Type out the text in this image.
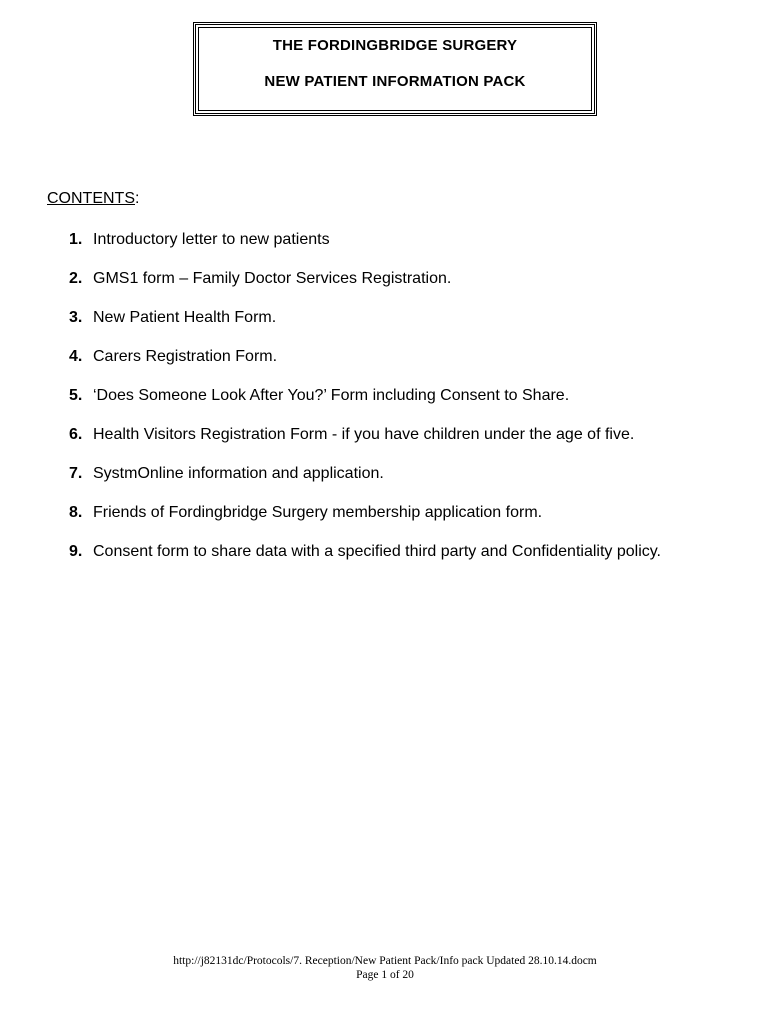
THE FORDINGBRIDGE SURGERY
NEW PATIENT INFORMATION PACK
CONTENTS:
1. Introductory letter to new patients
2. GMS1 form – Family Doctor Services Registration.
3. New Patient Health Form.
4. Carers Registration Form.
5. ‘Does Someone Look After You?’ Form including Consent to Share.
6. Health Visitors Registration Form - if you have children under the age of five.
7. SystmOnline information and application.
8. Friends of Fordingbridge Surgery membership application form.
9. Consent form to share data with a specified third party and Confidentiality policy.
http://j82131dc/Protocols/7. Reception/New Patient Pack/Info pack Updated 28.10.14.docm
Page 1 of 20
